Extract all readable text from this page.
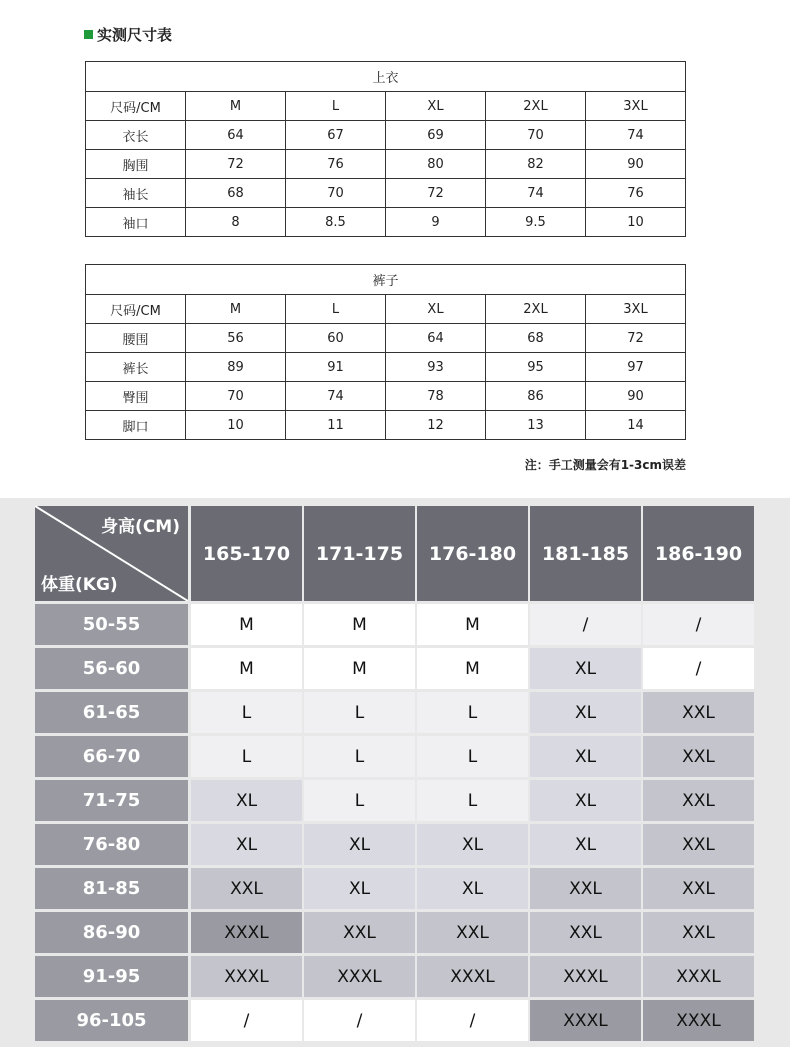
实测尺寸表
上衣					
尺码/CM	M	L	XL	2XL	3XL
衣长	64	67	69	70	74
胸围	72	76	80	82	90
袖长	68	70	72	74	76
袖口	8	8.5	9	9.5	10
裤子					
尺码/CM	M	L	XL	2XL	3XL
腰围	56	60	64	68	72
裤长	89	91	93	95	97
臀围	70	74	78	86	90
脚口	10	11	12	13	14
注：手工测量会有1-3cm误差
身高(CM)
体重(KG)
165-170	171-175	176-180	181-185	186-190
50-55	M	M	M	/	/
56-60	M	M	M	XL	/
61-65	L	L	L	XL	XXL
66-70	L	L	L	XL	XXL
71-75	XL	L	L	XL	XXL
76-80	XL	XL	XL	XL	XXL
81-85	XXL	XL	XL	XXL	XXL
86-90	XXXL	XXL	XXL	XXL	XXL
91-95	XXXL	XXXL	XXXL	XXXL	XXXL
96-105	/	/	/	XXXL	XXXL
